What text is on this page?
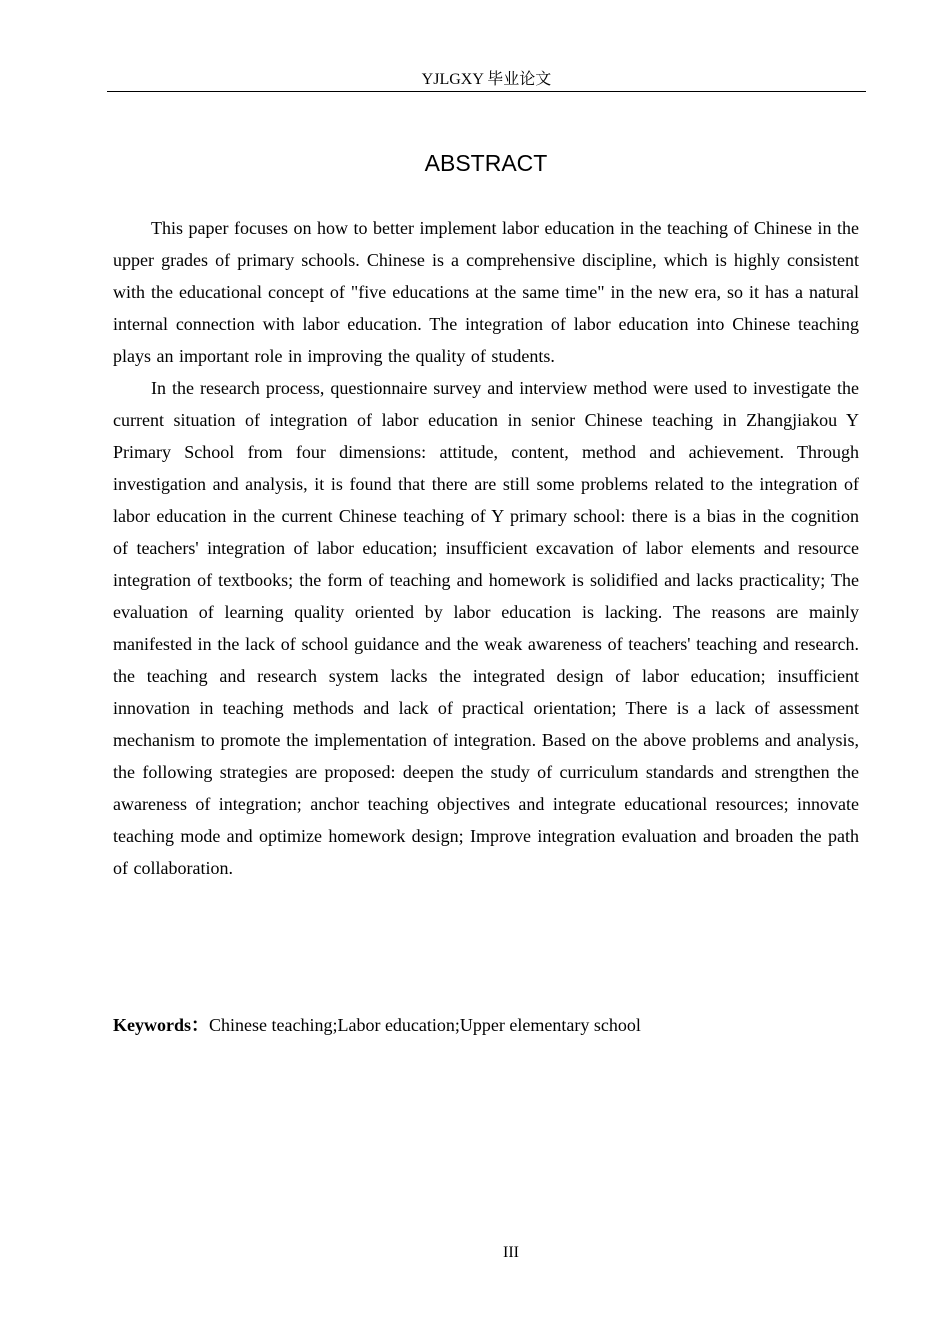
YJLGXY 毕业论文
ABSTRACT

This paper focuses on how to better implement labor education in the teaching of Chinese in the upper grades of primary schools. Chinese is a comprehensive discipline, which is highly consistent with the educational concept of "five educations at the same time" in the new era, so it has a natural internal connection with labor education. The integration of labor education into Chinese teaching plays an important role in improving the quality of students.

In the research process, questionnaire survey and interview method were used to investigate the current situation of integration of labor education in senior Chinese teaching in Zhangjiakou Y Primary School from four dimensions: attitude, content, method and achievement. Through investigation and analysis, it is found that there are still some problems related to the integration of labor education in the current Chinese teaching of Y primary school: there is a bias in the cognition of teachers' integration of labor education; insufficient excavation of labor elements and resource integration of textbooks; the form of teaching and homework is solidified and lacks practicality; The evaluation of learning quality oriented by labor education is lacking. The reasons are mainly manifested in the lack of school guidance and the weak awareness of teachers' teaching and research. the teaching and research system lacks the integrated design of labor education; insufficient innovation in teaching methods and lack of practical orientation; There is a lack of assessment mechanism to promote the implementation of integration. Based on the above problems and analysis, the following strategies are proposed: deepen the study of curriculum standards and strengthen the awareness of integration; anchor teaching objectives and integrate educational resources; innovate teaching mode and optimize homework design; Improve integration evaluation and broaden the path of collaboration.

Keywords：Chinese teaching;Labor education;Upper elementary school

III
